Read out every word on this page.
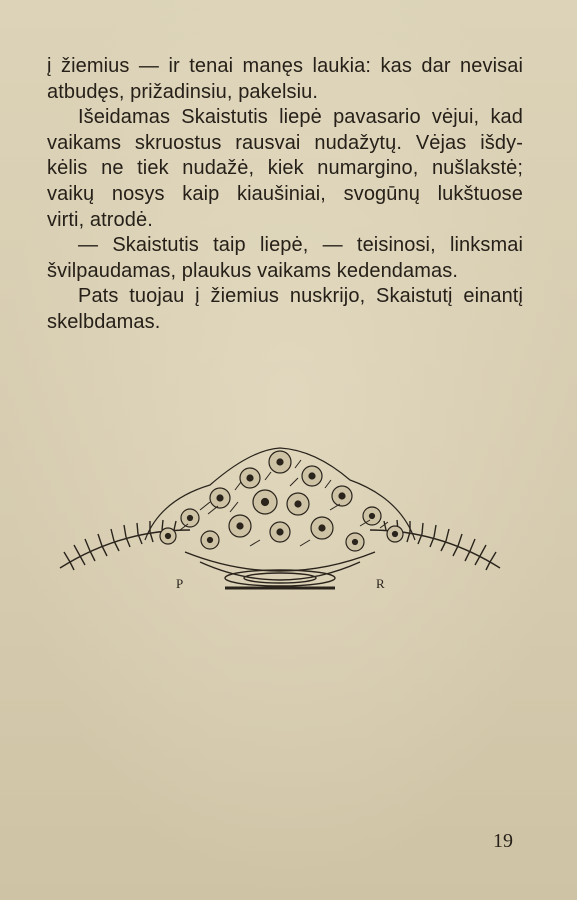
į žiemius — ir tenai manęs laukia: kas dar nevisai
atbudęs, prižadinsiu, pakelsiu.
Išeidamas Skaistutis liepė pavasario vėjui, kad
vaikams skruostus rausvai nudažytų. Vėjas išdy-
kėlis ne tiek nudažė, kiek numargino, nušlakstė;
vaikų nosys kaip kiaušiniai, svogūnų lukštuose
virti, atrodė.
— Skaistutis taip liepė, — teisinosi, linksmai
švilpaudamas, plaukus vaikams kedendamas.
Pats tuojau į žiemius nuskrijo, Skaistutį einantį
skelbdamas.
P	R
19
